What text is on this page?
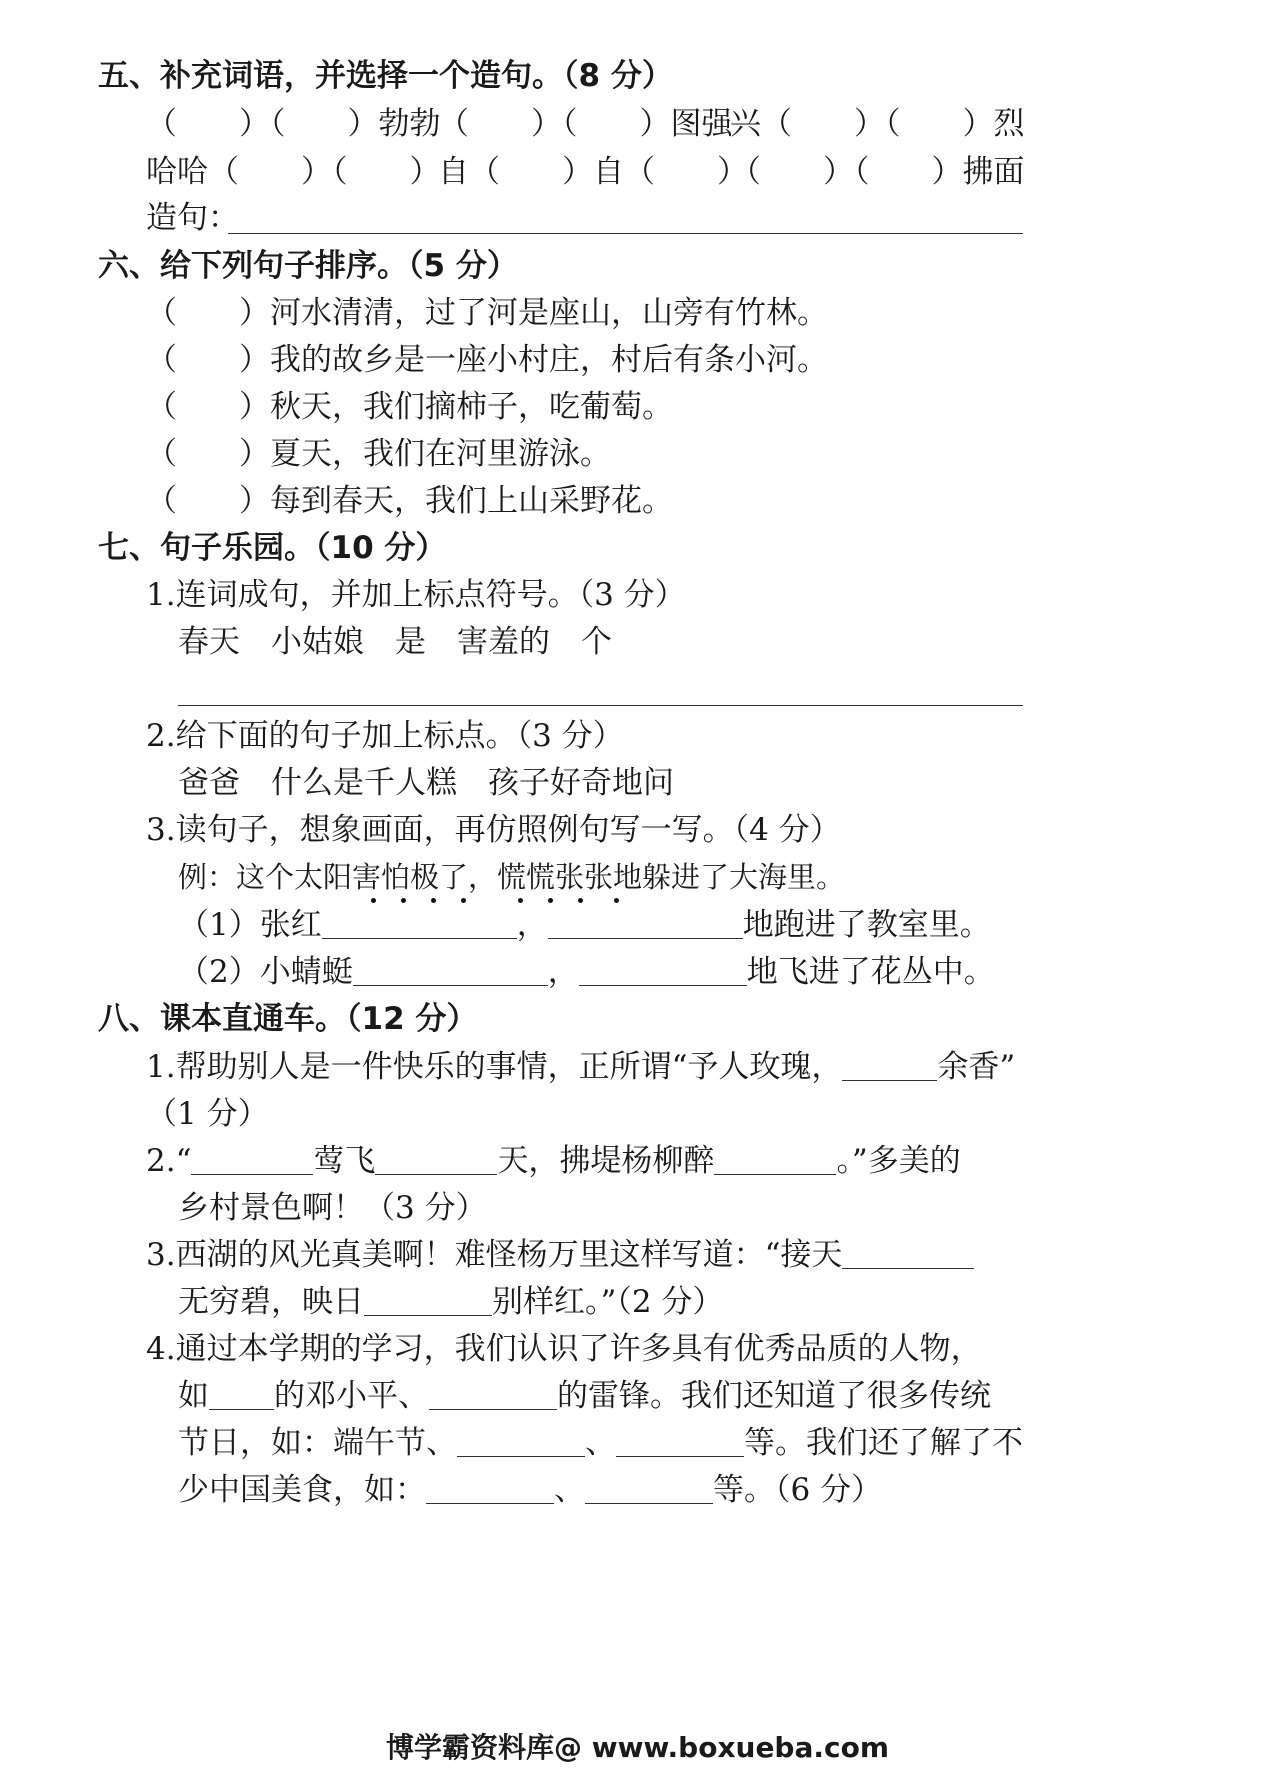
五、补充词语，并选择一个造句。（8 分）
（　　）（　　）勃勃
（　　）（　　）图强
兴（　　）（　　）烈
哈哈（　　）（　　）
自（　　）自（　　）
（　　）（　　）拂面
造句：
六、给下列句子排序。（5 分）
（　　）河水清清，过了河是座山，山旁有竹林。
（　　）我的故乡是一座小村庄，村后有条小河。
（　　）秋天，我们摘柿子，吃葡萄。
（　　）夏天，我们在河里游泳。
（　　）每到春天，我们上山采野花。
七、句子乐园。（10 分）
1.连词成句，并加上标点符号。（3 分）
春天　小姑娘　是　害羞的　个
2.给下面的句子加上标点。（3 分）
爸爸　什么是千人糕　孩子好奇地问
3.读句子，想象画面，再仿照例句写一写。（4 分）
例：这个太阳害怕极了，慌慌张张地躲进了大海里。
（1）张红	，	地跑进了教室里。
（2）小蜻蜓	，	地飞进了花丛中。
八、课本直通车。（12 分）
1.帮助别人是一件快乐的事情，正所谓“予人玫瑰，	余香”
（1 分）
2.“	莺飞	天，拂堤杨柳醉	。”多美的
乡村景色啊！（3 分）
3.西湖的风光真美啊！难怪杨万里这样写道：“接天
无穷碧，映日	别样红。”（2 分）
4.通过本学期的学习，我们认识了许多具有优秀品质的人物，
如 的邓小平、	的雷锋。我们还知道了很多传统
节日，如：端午节、	、	等。我们还了解了不
少中国美食，如：	、	等。（6 分）
博学霸资料库@ www.boxueba.com
